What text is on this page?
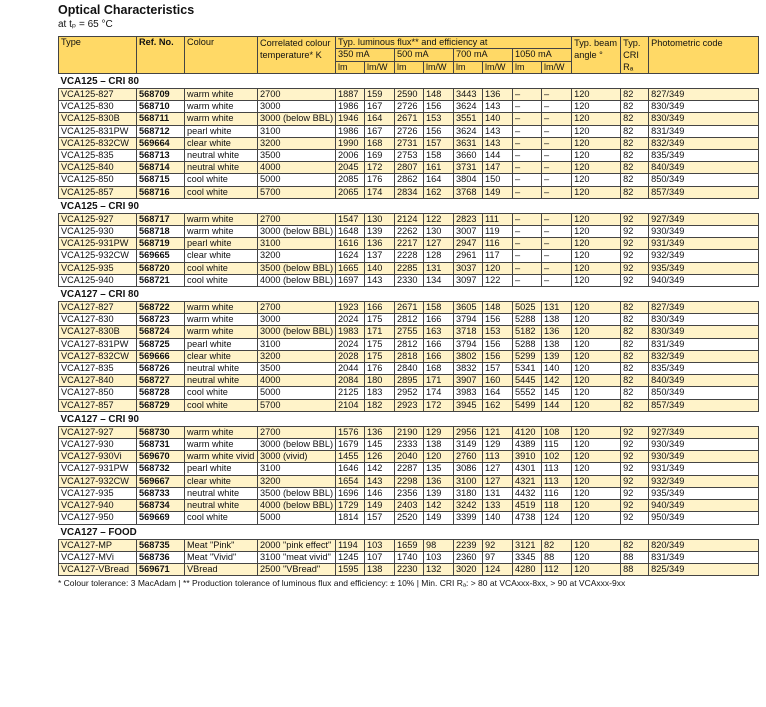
Optical Characteristics
at tₚ = 65 °C
Type	Ref. No.	Colour	Correlated colour temperature* K	Typ. luminous flux** and efficiency at								Typ. beam angle °	Typ. CRI Rₐ	Photometric code
				350 mA		500 mA		700 mA		1050 mA				
				lm	lm/W	lm	lm/W	lm	lm/W	lm	lm/W			
VCA125 – CRI 80														
VCA125-827	568709	warm white	2700	1887	159	2590	148	3443	136	–	–	120	82	827/349
VCA125-830	568710	warm white	3000	1986	167	2726	156	3624	143	–	–	120	82	830/349
VCA125-830B	568711	warm white	3000 (below BBL)	1946	164	2671	153	3551	140	–	–	120	82	830/349
VCA125-831PW	568712	pearl white	3100	1986	167	2726	156	3624	143	–	–	120	82	831/349
VCA125-832CW	569664	clear white	3200	1990	168	2731	157	3631	143	–	–	120	82	832/349
VCA125-835	568713	neutral white	3500	2006	169	2753	158	3660	144	–	–	120	82	835/349
VCA125-840	568714	neutral white	4000	2045	172	2807	161	3731	147	–	–	120	82	840/349
VCA125-850	568715	cool white	5000	2085	176	2862	164	3804	150	–	–	120	82	850/349
VCA125-857	568716	cool white	5700	2065	174	2834	162	3768	149	–	–	120	82	857/349
VCA125 – CRI 90														
VCA125-927	568717	warm white	2700	1547	130	2124	122	2823	111	–	–	120	92	927/349
VCA125-930	568718	warm white	3000 (below BBL)	1648	139	2262	130	3007	119	–	–	120	92	930/349
VCA125-931PW	568719	pearl white	3100	1616	136	2217	127	2947	116	–	–	120	92	931/349
VCA125-932CW	569665	clear white	3200	1624	137	2228	128	2961	117	–	–	120	92	932/349
VCA125-935	568720	cool white	3500 (below BBL)	1665	140	2285	131	3037	120	–	–	120	92	935/349
VCA125-940	568721	cool white	4000 (below BBL)	1697	143	2330	134	3097	122	–	–	120	92	940/349
VCA127 – CRI 80														
VCA127-827	568722	warm white	2700	1923	166	2671	158	3605	148	5025	131	120	82	827/349
VCA127-830	568723	warm white	3000	2024	175	2812	166	3794	156	5288	138	120	82	830/349
VCA127-830B	568724	warm white	3000 (below BBL)	1983	171	2755	163	3718	153	5182	136	120	82	830/349
VCA127-831PW	568725	pearl white	3100	2024	175	2812	166	3794	156	5288	138	120	82	831/349
VCA127-832CW	569666	clear white	3200	2028	175	2818	166	3802	156	5299	139	120	82	832/349
VCA127-835	568726	neutral white	3500	2044	176	2840	168	3832	157	5341	140	120	82	835/349
VCA127-840	568727	neutral white	4000	2084	180	2895	171	3907	160	5445	142	120	82	840/349
VCA127-850	568728	cool white	5000	2125	183	2952	174	3983	164	5552	145	120	82	850/349
VCA127-857	568729	cool white	5700	2104	182	2923	172	3945	162	5499	144	120	82	857/349
VCA127 – CRI 90														
VCA127-927	568730	warm white	2700	1576	136	2190	129	2956	121	4120	108	120	92	927/349
VCA127-930	568731	warm white	3000 (below BBL)	1679	145	2333	138	3149	129	4389	115	120	92	930/349
VCA127-930Vi	569670	warm white vivid	3000 (vivid)	1455	126	2040	120	2760	113	3910	102	120	92	930/349
VCA127-931PW	568732	pearl white	3100	1646	142	2287	135	3086	127	4301	113	120	92	931/349
VCA127-932CW	569667	clear white	3200	1654	143	2298	136	3100	127	4321	113	120	92	932/349
VCA127-935	568733	neutral white	3500 (below BBL)	1696	146	2356	139	3180	131	4432	116	120	92	935/349
VCA127-940	568734	neutral white	4000 (below BBL)	1729	149	2403	142	3242	133	4519	118	120	92	940/349
VCA127-950	569669	cool white	5000	1814	157	2520	149	3399	140	4738	124	120	92	950/349
VCA127 – FOOD														
VCA127-MP	568735	Meat "Pink"	2000 "pink effect"	1194	103	1659	98	2239	92	3121	82	120	82	820/349
VCA127-MVi	568736	Meat "Vivid"	3100 "meat vivid"	1245	107	1740	103	2360	97	3345	88	120	88	831/349
VCA127-VBread	569671	VBread	2500 "VBread"	1595	138	2230	132	3020	124	4280	112	120	88	825/349
* Colour tolerance: 3 MacAdam | ** Production tolerance of luminous flux and efficiency: ± 10% | Min. CRI Rₐ: > 80 at VCAxxx-8xx, > 90 at VCAxxx-9xx
